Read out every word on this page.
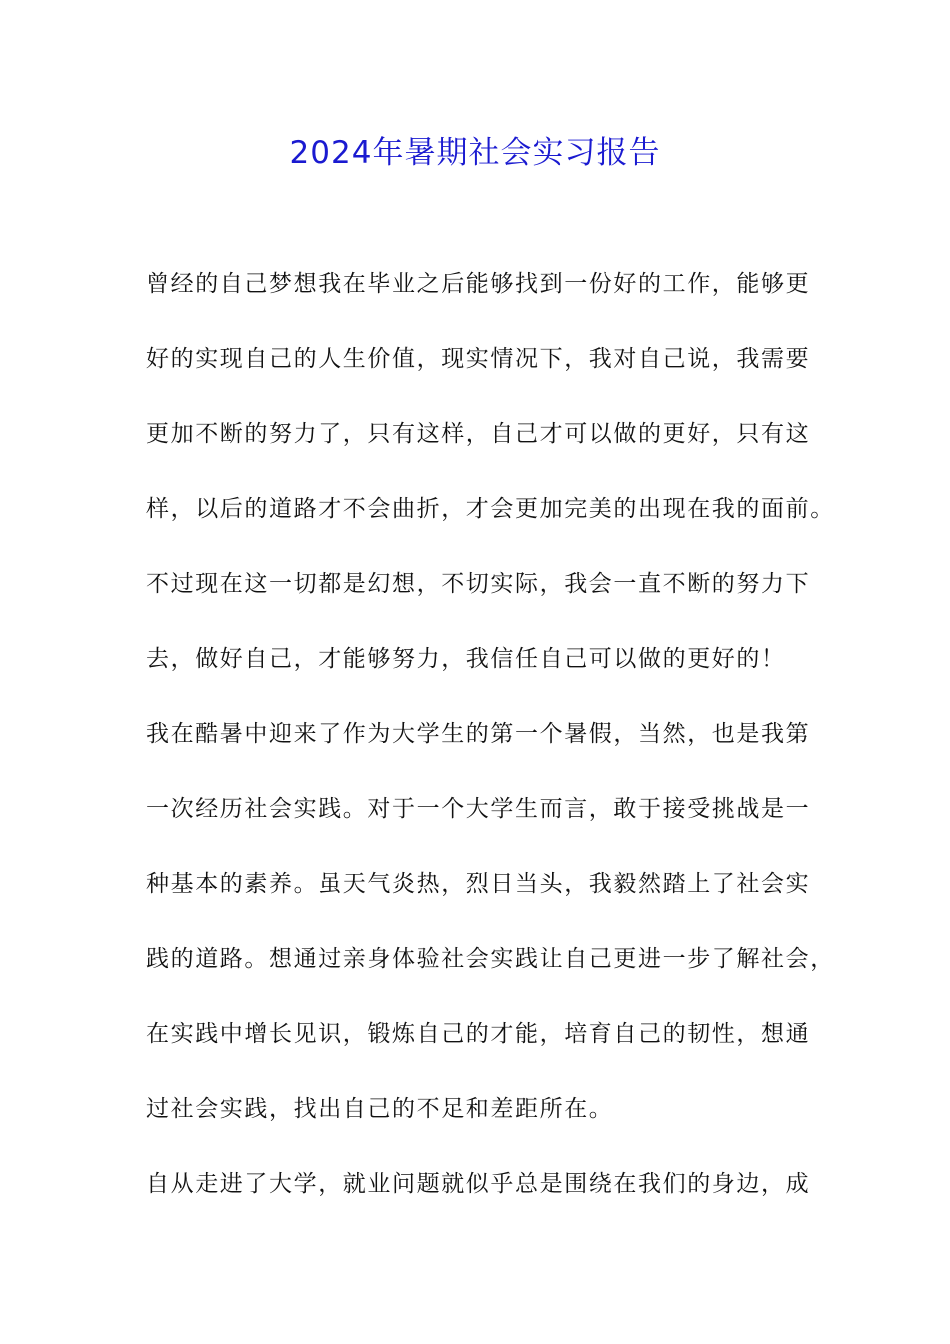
2024年暑期社会实习报告

曾经的自己梦想我在毕业之后能够找到一份好的工作，能够更

好的实现自己的人生价值，现实情况下，我对自己说，我需要

更加不断的努力了，只有这样，自己才可以做的更好，只有这

样，以后的道路才不会曲折，才会更加完美的出现在我的面前。

不过现在这一切都是幻想，不切实际，我会一直不断的努力下

去，做好自己，才能够努力，我信任自己可以做的更好的！

我在酷暑中迎来了作为大学生的第一个暑假，当然，也是我第

一次经历社会实践。对于一个大学生而言，敢于接受挑战是一

种基本的素养。虽天气炎热，烈日当头，我毅然踏上了社会实

践的道路。想通过亲身体验社会实践让自己更进一步了解社会，

在实践中增长见识，锻炼自己的才能，培育自己的韧性，想通

过社会实践，找出自己的不足和差距所在。

自从走进了大学，就业问题就似乎总是围绕在我们的身边，成
